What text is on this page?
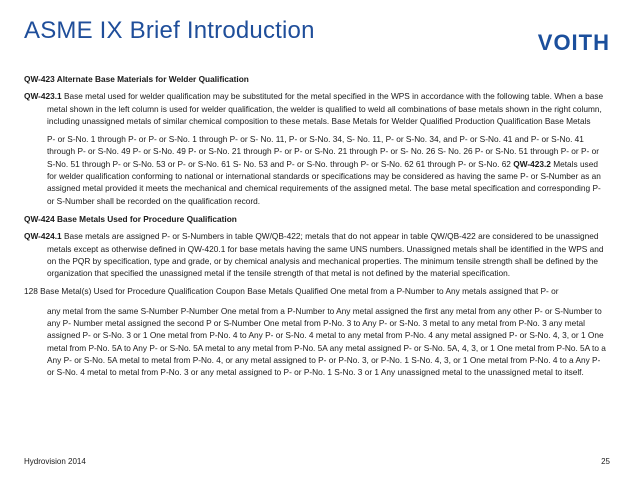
ASME IX Brief Introduction	VOITH

QW-423 Alternate Base Materials for Welder Qualification

QW-423.1 Base metal used for welder qualification may be substituted for the metal specified in the WPS in accordance with the following table. When a base metal shown in the left column is used for welder qualification, the welder is qualified to weld all combinations of base metals shown in the right column, including unassigned metals of similar chemical composition to these metals. Base Metals for Welder Qualified Production Qualification Base Metals

P- or S-No. 1 through P- or P- or S-No. 1 through P- or S- No. 11, P- or S-No. 34, S- No. 11, P- or S-No. 34, and P- or S-No. 41 and P- or S-No. 41 through P- or S-No. 49 P- or S-No. 49 P- or S-No. 21 through P- or P- or S-No. 21 through P- or S- No. 26 S- No. 26 P- or S-No. 51 through P- or P- or S-No. 51 through P- or S-No. 53 or P- or S-No. 61 S- No. 53 and P- or S-No. through P- or S-No. 62 61 through P- or S-No. 62 QW-423.2 Metals used for welder qualification conforming to national or international standards or specifications may be considered as having the same P- or S-Number as an assigned metal provided it meets the mechanical and chemical requirements of the assigned metal. The base metal specification and corresponding P- or S-Number shall be recorded on the qualification record.

QW-424 Base Metals Used for Procedure Qualification

QW-424.1 Base metals are assigned P- or S-Numbers in table QW/QB-422; metals that do not appear in table QW/QB-422 are considered to be unassigned metals except as otherwise defined in QW-420.1 for base metals having the same UNS numbers. Unassigned metals shall be identified in the WPS and on the PQR by specification, type and grade, or by chemical analysis and mechanical properties. The minimum tensile strength shall be defined by the organization that specified the unassigned metal if the tensile strength of that metal is not defined by the material specification.

128 Base Metal(s) Used for Procedure Qualification Coupon Base Metals Qualified One metal from a P-Number to Any metals assigned that P- or

any metal from the same S-Number P-Number One metal from a P-Number to Any metal assigned the first any metal from any other P- or S-Number to any P- Number metal assigned the second P or S-Number One metal from P-No. 3 to Any P- or S-No. 3 metal to any metal from P-No. 3 any metal assigned P- or S-No. 3 or 1 One metal from P-No. 4 to Any P- or S-No. 4 metal to any metal from P-No. 4 any metal assigned P- or S-No. 4, 3, or 1 One metal from P-No. 5A to Any P- or S-No. 5A metal to any metal from P-No. 5A any metal assigned P- or S-No. 5A, 4, 3, or 1 One metal from P-No. 5A to a Any P- or S-No. 5A metal to metal from P-No. 4, or any metal assigned to P- or P-No. 3, or P-No. 1 S-No. 4, 3, or 1 One metal from P-No. 4 to a Any P- or S-No. 4 metal to metal from P-No. 3 or any metal assigned to P- or P-No. 1 S-No. 3 or 1 Any unassigned metal to the unassigned metal to itself.

Hydrovision 2014	25
